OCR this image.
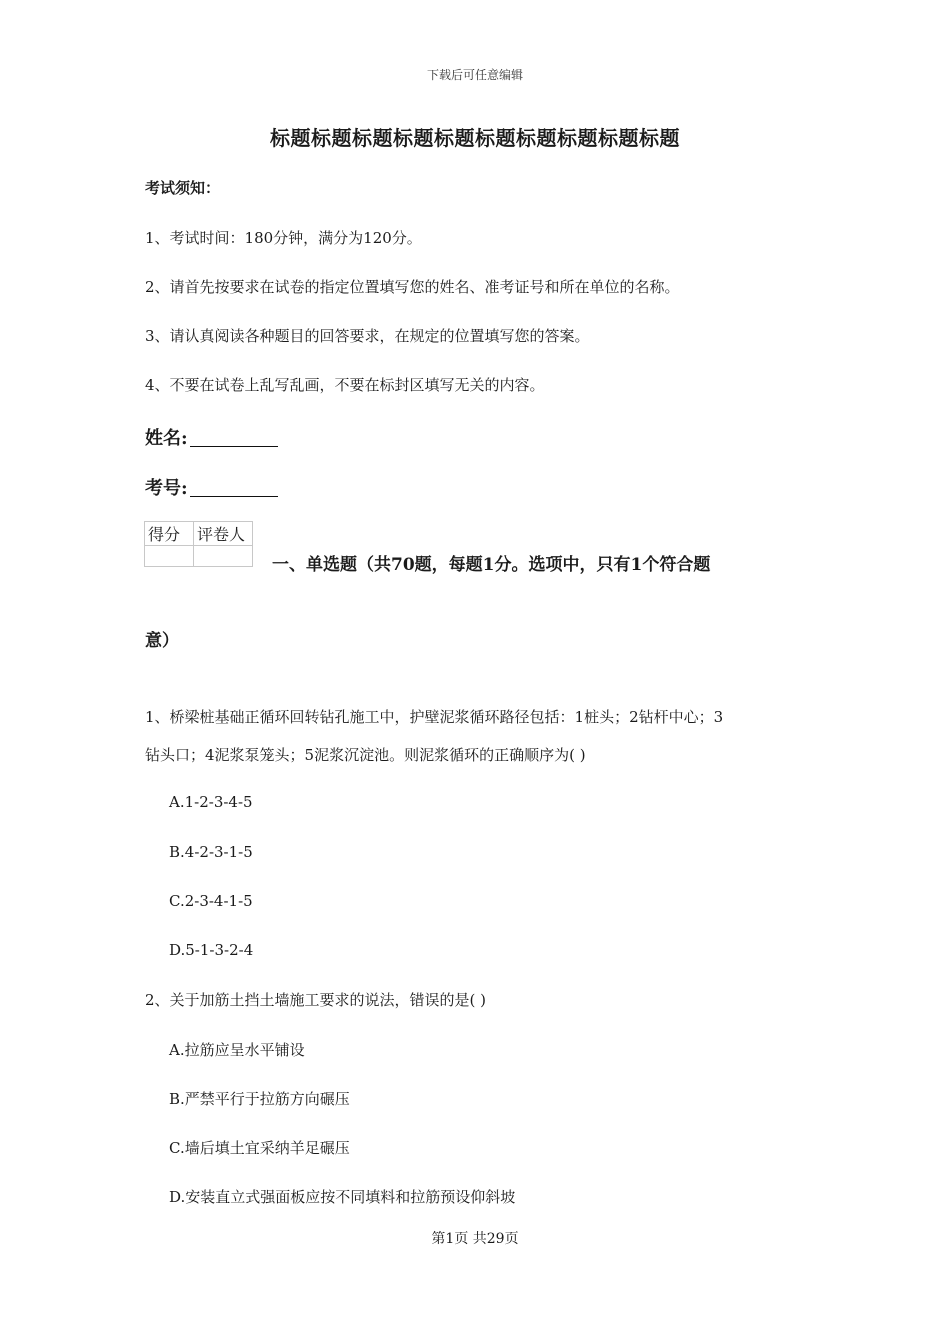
下载后可任意编辑
标题标题标题标题标题标题标题标题标题标题
考试须知：
1、考试时间：180分钟，满分为120分。
2、请首先按要求在试卷的指定位置填写您的姓名、准考证号和所在单位的名称。
3、请认真阅读各种题目的回答要求，在规定的位置填写您的答案。
4、不要在试卷上乱写乱画，不要在标封区填写无关的内容。
姓名:
考号:
得分	评卷人

一、单选题（共70题，每题1分。选项中，只有1个符合题
意）
1、桥梁桩基础正循环回转钻孔施工中，护壁泥浆循环路径包括：1桩头；2钻杆中心；3
钻头口；4泥浆泵笼头；5泥浆沉淀池。则泥浆循环的正确顺序为( )
A.1-2-3-4-5
B.4-2-3-1-5
C.2-3-4-1-5
D.5-1-3-2-4
2、关于加筋土挡土墙施工要求的说法，错误的是( )
A.拉筋应呈水平铺设
B.严禁平行于拉筋方向碾压
C.墙后填土宜采纳羊足碾压
D.安装直立式强面板应按不同填料和拉筋预设仰斜坡
第1页 共29页
